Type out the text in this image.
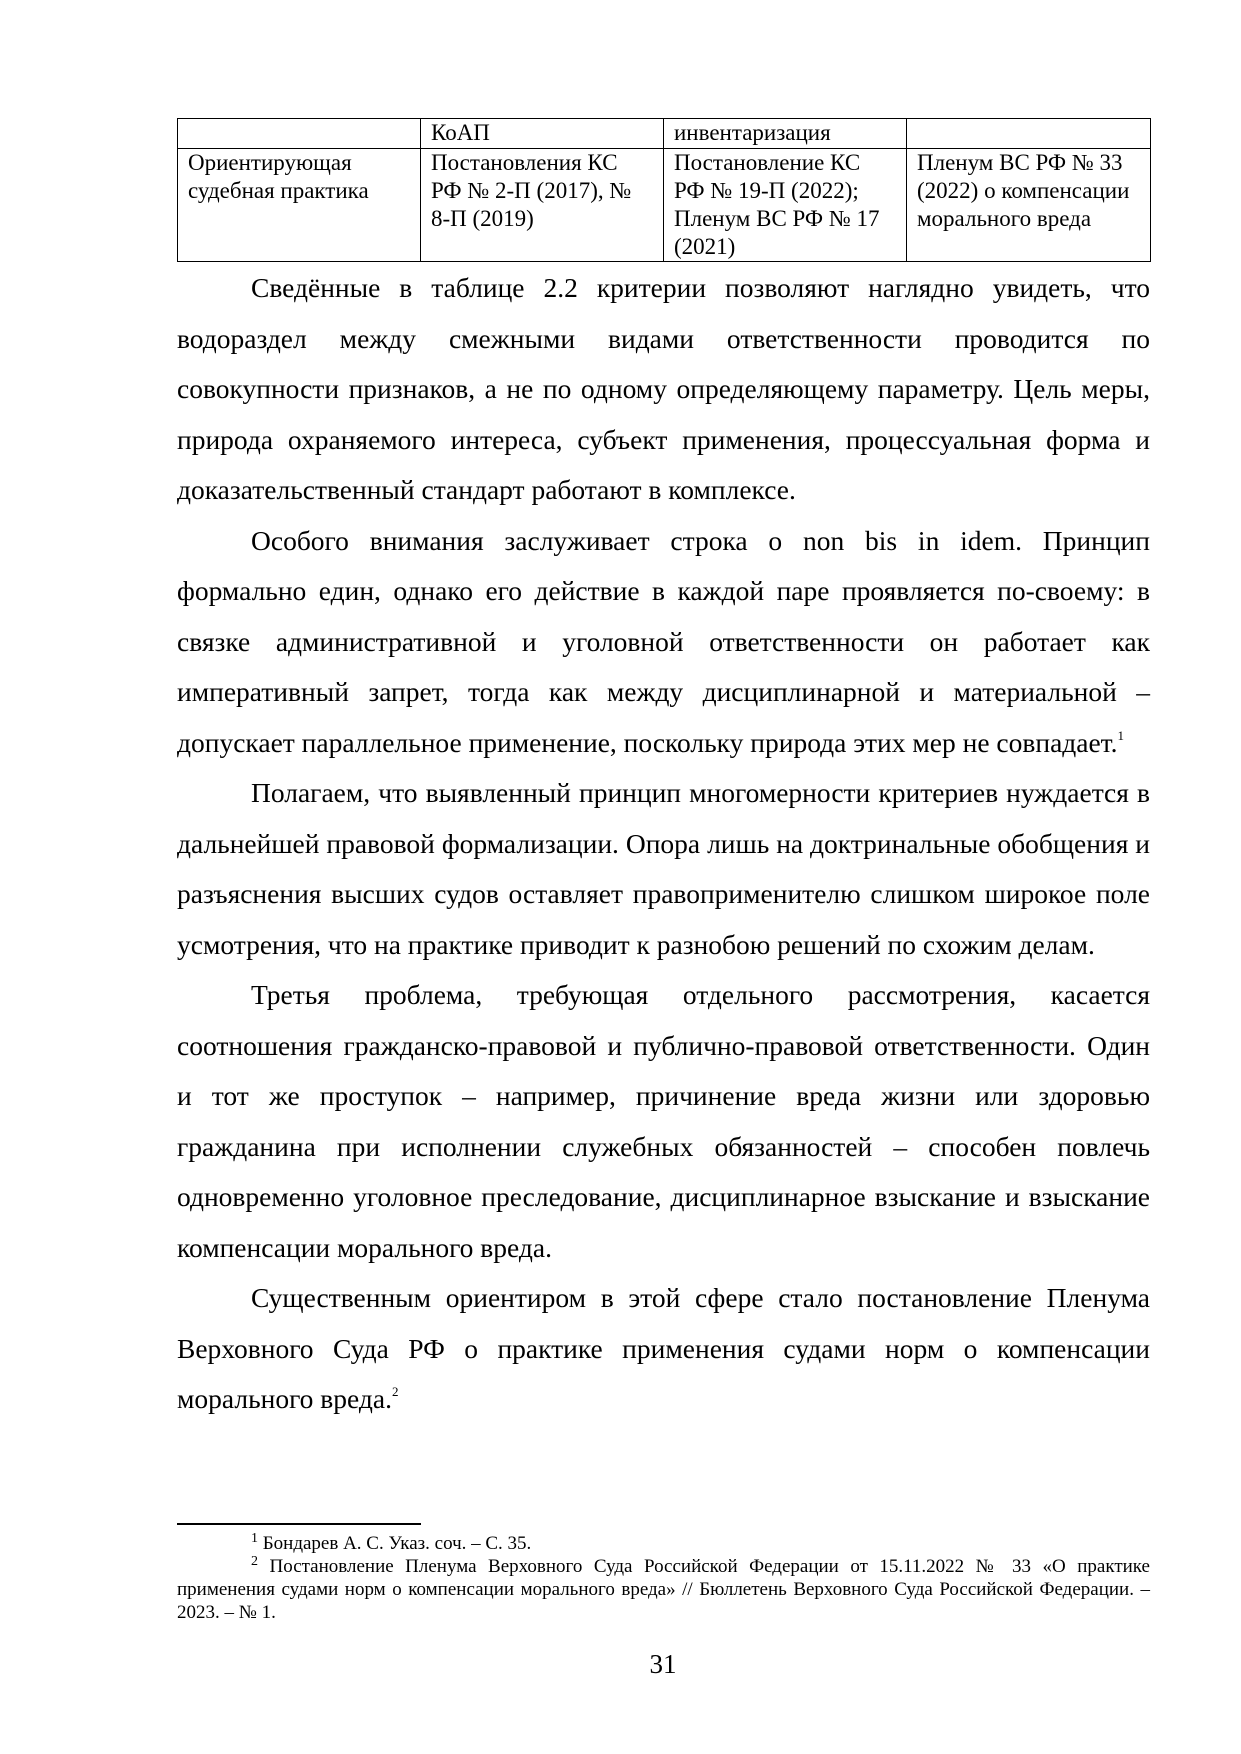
	КоАП	инвентаризация	
Ориентирующая судебная практика	Постановления КС РФ № 2-П (2017), № 8-П (2019)	Постановление КС РФ № 19-П (2022); Пленум ВС РФ № 17 (2021)	Пленум ВС РФ № 33 (2022) о компенсации морального вреда

Сведённые в таблице 2.2 критерии позволяют наглядно увидеть, что водораздел между смежными видами ответственности проводится по совокупности признаков, а не по одному определяющему параметру. Цель меры, природа охраняемого интереса, субъект применения, процессуальная форма и доказательственный стандарт работают в комплексе.

Особого внимания заслуживает строка о non bis in idem. Принцип формально един, однако его действие в каждой паре проявляется по-своему: в связке административной и уголовной ответственности он работает как императивный запрет, тогда как между дисциплинарной и материальной – допускает параллельное применение, поскольку природа этих мер не совпадает.$^1$

Полагаем, что выявленный принцип многомерности критериев нуждается в дальнейшей правовой формализации. Опора лишь на доктринальные обобщения и разъяснения высших судов оставляет правоприменителю слишком широкое поле усмотрения, что на практике приводит к разнобою решений по схожим делам.

Третья проблема, требующая отдельного рассмотрения, касается соотношения гражданско-правовой и публично-правовой ответственности. Один и тот же проступок – например, причинение вреда жизни или здоровью гражданина при исполнении служебных обязанностей – способен повлечь одновременно уголовное преследование, дисциплинарное взыскание и взыскание компенсации морального вреда.

Существенным ориентиром в этой сфере стало постановление Пленума Верховного Суда РФ о практике применения судами норм о компенсации морального вреда.$^2$

$^1$ Бондарев А. С. Указ. соч. – С. 35.

$^2$ Постановление Пленума Верховного Суда Российской Федерации от 15.11.2022 № 33 «О практике применения судами норм о компенсации морального вреда» // Бюллетень Верховного Суда Российской Федерации. – 2023. – № 1.

31
